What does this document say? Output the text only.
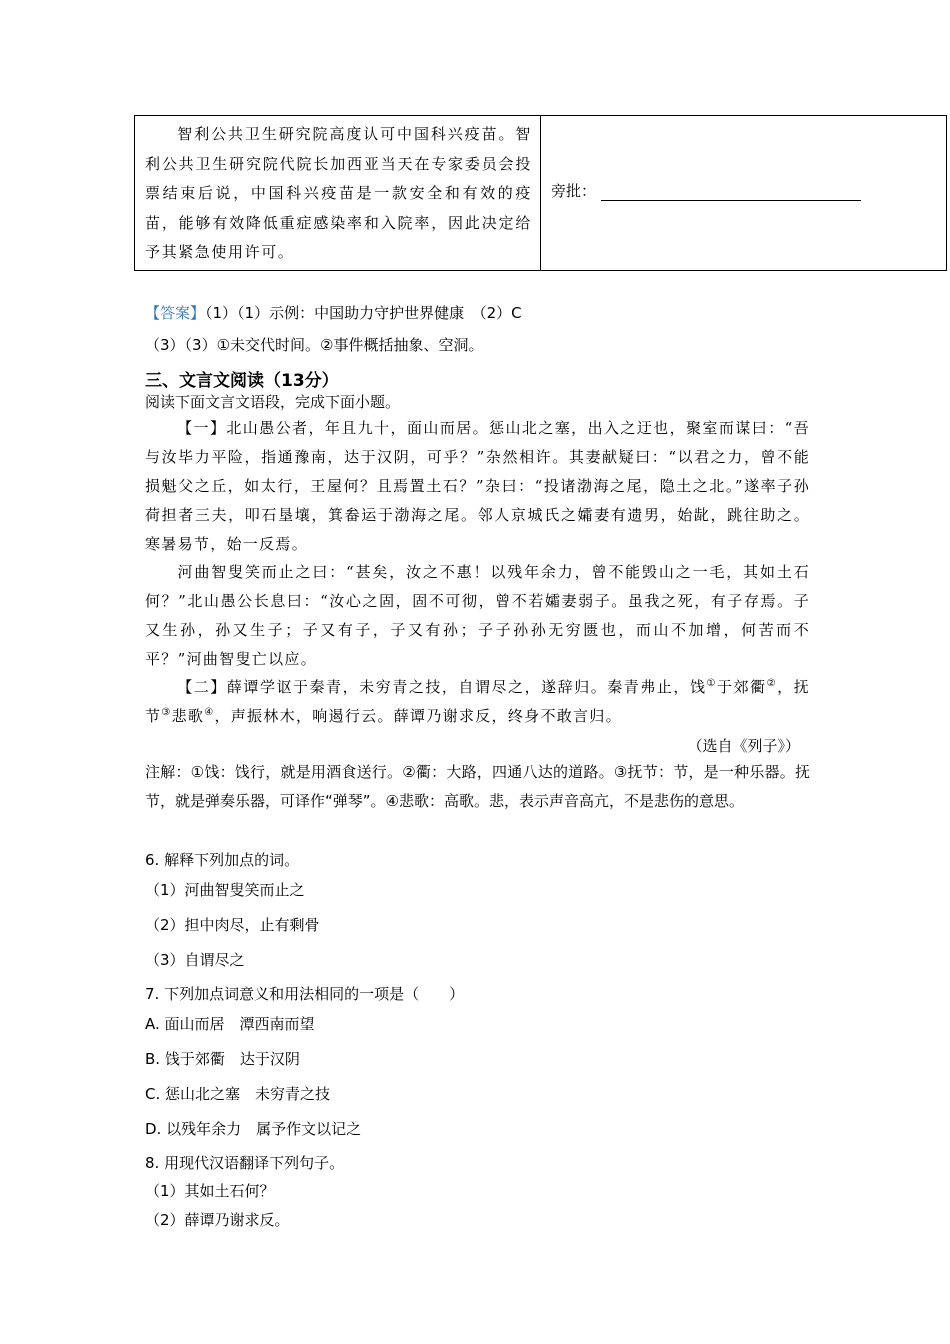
智利公共卫生研究院高度认可中国科兴疫苗。智利公共卫生研究院代院长加西亚当天在专家委员会投票结束后说，中国科兴疫苗是一款安全和有效的疫苗，能够有效降低重症感染率和入院率，因此决定给予其紧急使用许可。
旁批：
【答案】（1）（1）示例：中国助力守护世界健康　（2）C
（3）（3）①未交代时间。②事件概括抽象、空洞。
三、文言文阅读（13分）
阅读下面文言文语段，完成下面小题。
【一】北山愚公者，年且九十，面山而居。惩山北之塞，出入之迂也，聚室而谋曰：“吾与汝毕力平险，指通豫南，达于汉阴，可乎？”杂然相许。其妻献疑曰：“以君之力，曾不能损魁父之丘，如太行，王屋何？且焉置土石？”杂曰：“投诸渤海之尾，隐土之北。”遂率子孙荷担者三夫，叩石垦壤，箕畚运于渤海之尾。邻人京城氏之孀妻有遗男，始龀，跳往助之。寒暑易节，始一反焉。
河曲智叟笑而止之曰：“甚矣，汝之不惠！以残年余力，曾不能毁山之一毛，其如土石何？”北山愚公长息曰：“汝心之固，固不可彻，曾不若孀妻弱子。虽我之死，有子存焉。子又生孙，孙又生子；子又有子，子又有孙；子子孙孙无穷匮也，而山不加增，何苦而不平？”河曲智叟亡以应。
【二】薛谭学讴于秦青，未穷青之技，自谓尽之，遂辞归。秦青弗止，饯①于郊衢②，抚节③悲歌④，声振林木，响遏行云。薛谭乃谢求反，终身不敢言归。
（选自《列子》）
注解：①饯：饯行，就是用酒食送行。②衢：大路，四通八达的道路。③抚节：节，是一种乐器。抚节，就是弹奏乐器，可译作“弹琴”。④悲歌：高歌。悲，表示声音高亢，不是悲伤的意思。
6. 解释下列加点的词。
（1）河曲智叟笑而止之
（2）担中肉尽，止有剩骨
（3）自谓尽之
7. 下列加点词意义和用法相同的一项是（　　）
A. 面山而居　潭西南而望
B. 饯于郊衢　达于汉阴
C. 惩山北之塞　未穷青之技
D. 以残年余力　属予作文以记之
8. 用现代汉语翻译下列句子。
（1）其如土石何？
（2）薛谭乃谢求反。
